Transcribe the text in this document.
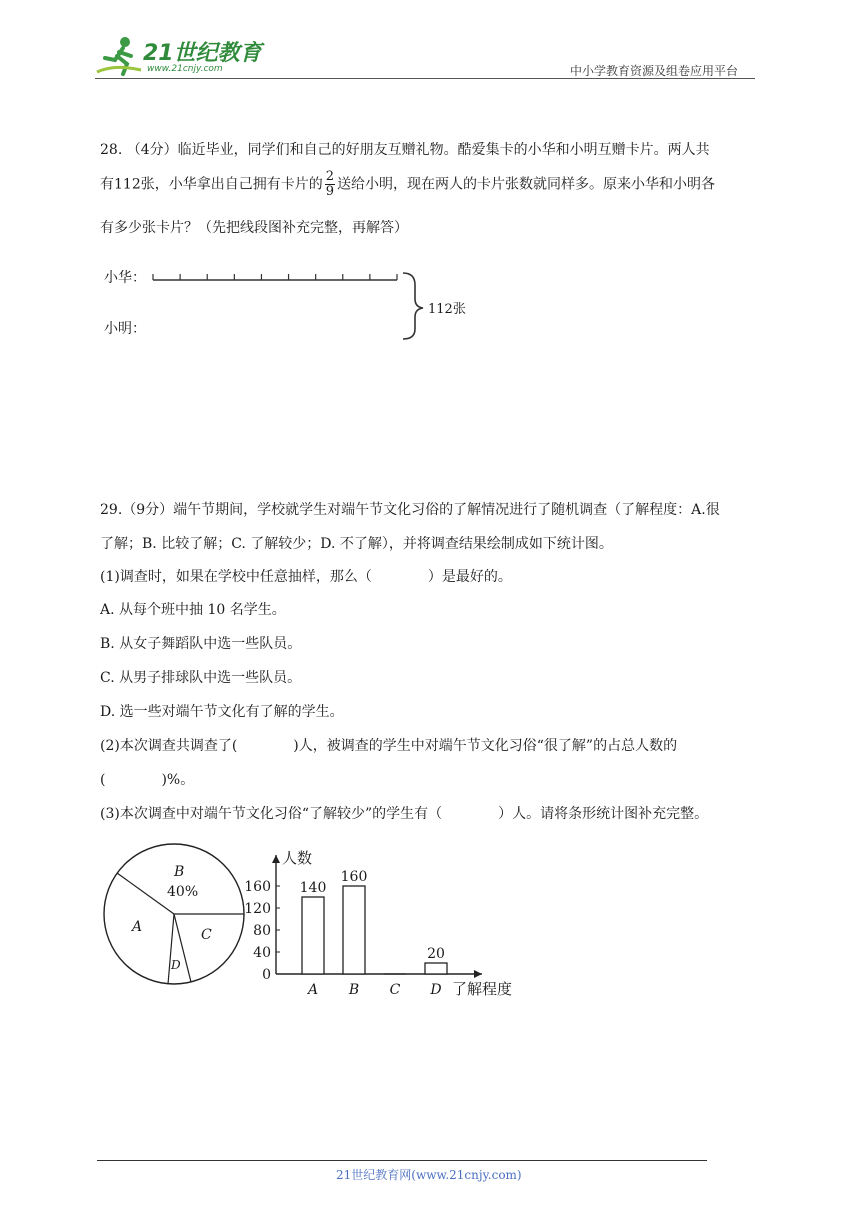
21世纪教育
www.21cnjy.com	中小学教育资源及组卷应用平台
28. （4分）临近毕业，同学们和自己的好朋友互赠礼物。酷爱集卡的小华和小明互赠卡片。两人共
有112张，小华拿出自己拥有卡片的 $\frac{2}{9}$ 送给小明，现在两人的卡片张数就同样多。原来小华和小明各
有多少张卡片？（先把线段图补充完整，再解答）
小华：
小明：
112张
29.（9分）端午节期间，学校就学生对端午节文化习俗的了解情况进行了随机调查（了解程度：A.很
了解；B. 比较了解；C. 了解较少；D. 不了解），并将调查结果绘制成如下统计图。
(1)调查时，如果在学校中任意抽样，那么（　　　　）是最好的。
A. 从每个班中抽 10 名学生。
B. 从女子舞蹈队中选一些队员。
C. 从男子排球队中选一些队员。
D. 选一些对端午节文化有了解的学生。
(2)本次调查共调查了(　　　　)人，被调查的学生中对端午节文化习俗“很了解”的占总人数的
(　　　　)%。
(3)本次调查中对端午节文化习俗“了解较少”的学生有（　　　　）人。请将条形统计图补充完整。
B
40%
A	C
D
人数
了解程度
0
40
80
120
160
A
140
B
160
C D
20
21世纪教育网(www.21cnjy.com)
